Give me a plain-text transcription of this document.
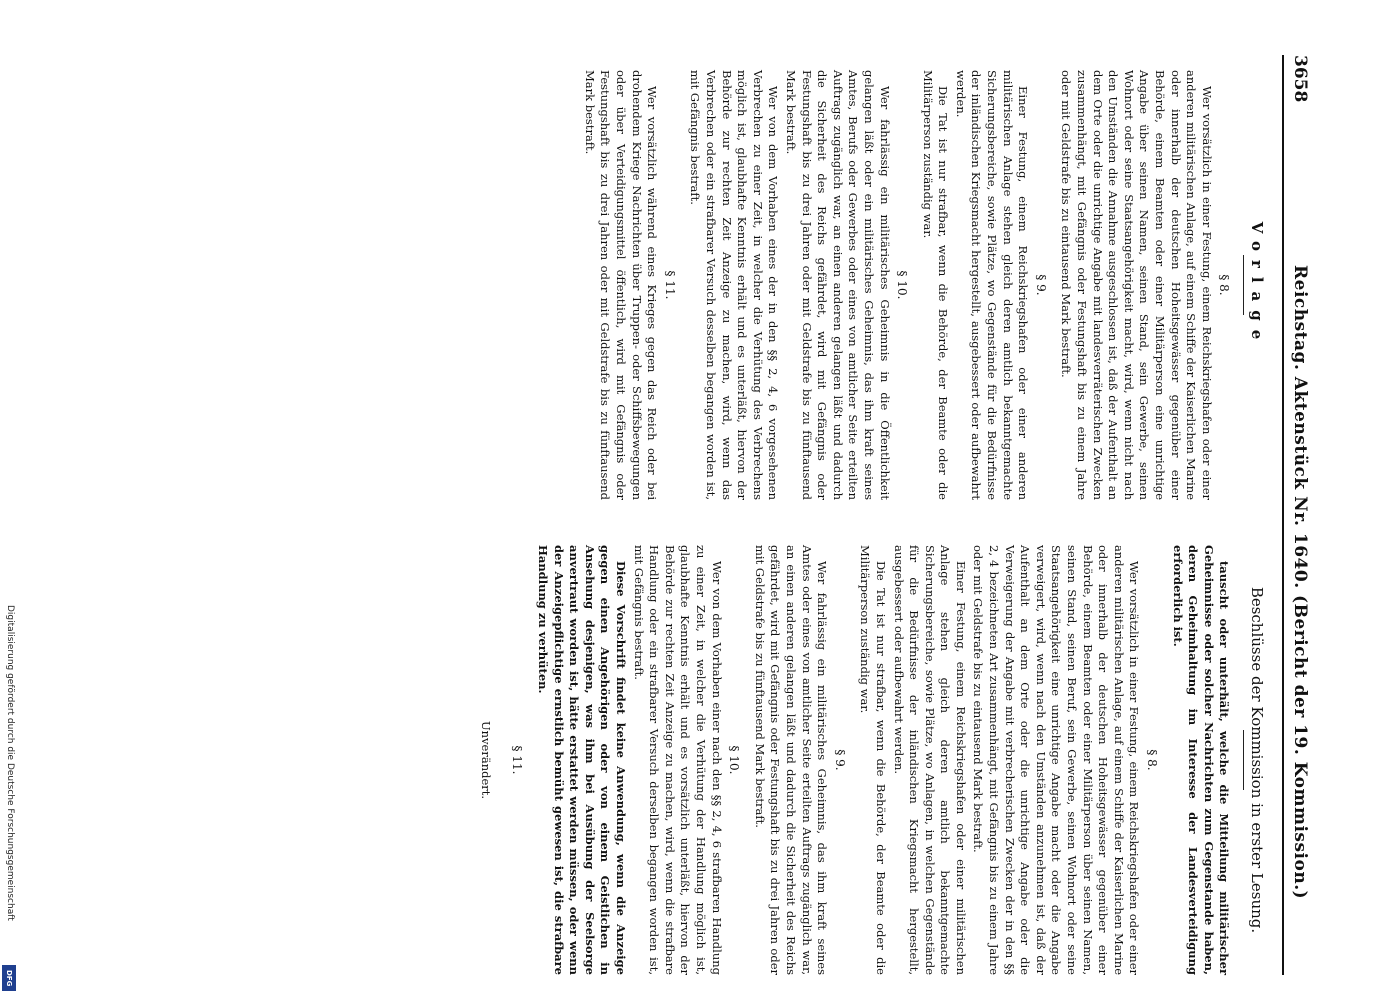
3658
Reichstag. Aktenstück Nr. 1640. (Bericht der 19. Kommission.)
Vorlage
§ 8.

Wer vorsätzlich in einer Festung, einem Reichskriegshafen oder einer anderen militärischen Anlage, auf einem Schiffe der Kaiserlichen Marine oder innerhalb der deutschen Hoheitsgewässer gegenüber einer Behörde, einem Beamten oder einer Militärperson eine unrichtige Angabe über seinen Namen, seinen Stand, sein Gewerbe, seinen Wohnort oder seine Staatsangehörigkeit macht, wird, wenn nicht nach den Umständen die Annahme ausgeschlossen ist, daß der Aufenthalt an dem Orte oder die unrichtige Angabe mit landesverräterischen Zwecken zusammenhängt, mit Gefängnis oder Festungshaft bis zu einem Jahre oder mit Geldstrafe bis zu eintausend Mark bestraft.

§ 9.

Einer Festung, einem Reichskriegshafen oder einer anderen militärischen Anlage stehen gleich deren amtlich bekanntgemachte Sicherungsbereiche, sowie Plätze, wo Gegenstände für die Bedürfnisse der inländischen Kriegsmacht hergestellt, ausgebessert oder aufbewahrt werden.

Die Tat ist nur strafbar, wenn die Behörde, der Beamte oder die Militärperson zuständig war.

§ 10.

Wer fahrlässig ein militärisches Geheimnis in die Öffentlichkeit gelangen läßt oder ein militärisches Geheimnis, das ihm kraft seines Amtes, Berufs oder Gewerbes oder eines von amtlicher Seite erteilten Auftrags zugänglich war, an einen anderen gelangen läßt und dadurch die Sicherheit des Reichs gefährdet, wird mit Gefängnis oder Festungshaft bis zu drei Jahren oder mit Geldstrafe bis zu fünftausend Mark bestraft.

Wer von dem Vorhaben eines der in den §§ 2, 4, 6 vorgesehenen Verbrechen zu einer Zeit, in welcher die Verhütung des Verbrechens möglich ist, glaubhafte Kenntnis erhält und es unterläßt, hiervon der Behörde zur rechten Zeit Anzeige zu machen, wird, wenn das Verbrechen oder ein strafbarer Versuch desselben begangen worden ist, mit Gefängnis bestraft.

§ 11.

Wer vorsätzlich während eines Krieges gegen das Reich oder bei drohendem Kriege Nachrichten über Truppen- oder Schiffsbewegungen oder über Verteidigungsmittel öffentlich, wird mit Gefängnis oder Festungshaft bis zu drei Jahren oder mit Geldstrafe bis zu fünftausend Mark bestraft.

Beschlüsse der Kommission in erster Lesung.

tauscht oder unterhält, welche die Mitteilung militärischer Geheimnisse oder solcher Nachrichten zum Gegenstande haben, deren Geheimhaltung im Interesse der Landesverteidigung erforderlich ist.

§ 8.

Wer vorsätzlich in einer Festung, einem Reichskriegshafen oder einer anderen militärischen Anlage, auf einem Schiffe der Kaiserlichen Marine oder innerhalb der deutschen Hoheitsgewässer gegenüber einer Behörde, einem Beamten oder einer Militärperson über seinen Namen, seinen Stand, seinen Beruf, sein Gewerbe, seinen Wohnort oder seine Staatsangehörigkeit eine unrichtige Angabe macht oder die Angabe verweigert, wird, wenn nach den Umständen anzunehmen ist, daß der Aufenthalt an dem Orte oder die unrichtige Angabe oder die Verweigerung der Angabe mit verbrecherischen Zwecken der in den §§ 2, 4 bezeichneten Art zusammenhängt, mit Gefängnis bis zu einem Jahre oder mit Geldstrafe bis zu eintausend Mark bestraft.

Einer Festung, einem Reichskriegshafen oder einer militärischen Anlage stehen gleich deren amtlich bekanntgemachte Sicherungsbereiche, sowie Plätze, wo Anlagen, in welchen Gegenstände für die Bedürfnisse der inländischen Kriegsmacht hergestellt, ausgebessert oder aufbewahrt werden.

Die Tat ist nur strafbar, wenn die Behörde, der Beamte oder die Militärperson zuständig war.

§ 9.

Wer fahrlässig ein militärisches Geheimnis, das ihm kraft seines Amtes oder eines von amtlicher Seite erteilten Auftrags zugänglich war, an einen anderen gelangen läßt und dadurch die Sicherheit des Reichs gefährdet, wird mit Gefängnis oder Festungshaft bis zu drei Jahren oder mit Geldstrafe bis zu fünftausend Mark bestraft.

§ 10.

Wer von dem Vorhaben einer nach den §§ 2, 4, 6 strafbaren Handlung zu einer Zeit, in welcher die Verhütung der Handlung möglich ist, glaubhafte Kenntnis erhält und es vorsätzlich unterläßt, hiervon der Behörde zur rechten Zeit Anzeige zu machen, wird, wenn die strafbare Handlung oder ein strafbarer Versuch derselben begangen worden ist, mit Gefängnis bestraft.

Diese Vorschrift findet keine Anwendung, wenn die Anzeige gegen einen Angehörigen oder von einem Geistlichen in Ansehung desjenigen, was ihm bei Ausübung der Seelsorge anvertraut worden ist, hätte erstattet werden müssen, oder wenn der Anzeigepflichtige ernstlich bemüht gewesen ist, die strafbare Handlung zu verhüten.

§ 11.
Unverändert.
Digitalisierung gefördert durch die Deutsche Forschungsgemeinschaft
DFG
